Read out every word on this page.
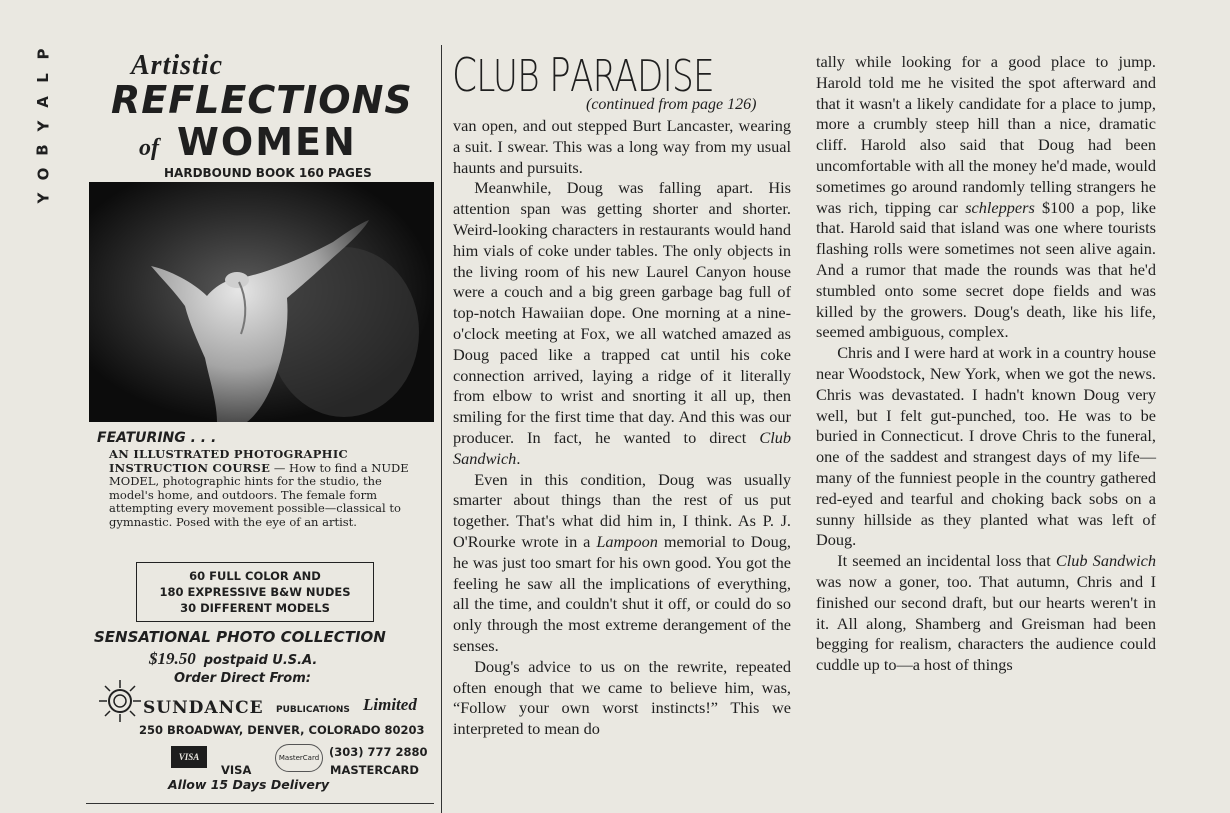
P
L
A
Y
B
O
Y
Artistic
REFLECTIONS
of WOMEN
HARDBOUND BOOK 160 PAGES
FEATURING . . .
AN ILLUSTRATED PHOTOGRAPHIC INSTRUCTION COURSE — How to find a NUDE MODEL, photographic hints for the studio, the model's home, and outdoors. The female form attempting every movement possible—classical to gymnastic. Posed with the eye of an artist.
60 FULL COLOR AND
180 EXPRESSIVE B&W NUDES
30 DIFFERENT MODELS
SENSATIONAL PHOTO COLLECTION
$19.50 postpaid U.S.A.
Order Direct From:
SUNDANCE PUBLICATIONS Limited
250 BROADWAY, DENVER, COLORADO 80203
VISA
VISA
MasterCard (303) 777 2880
MASTERCARD
Allow 15 Days Delivery
CLUB PARADISE
(continued from page 126)

van open, and out stepped Burt Lancaster, wearing a suit. I swear. This was a long way from my usual haunts and pursuits.

Meanwhile, Doug was falling apart. His attention span was getting shorter and shorter. Weird-looking characters in restaurants would hand him vials of coke under tables. The only objects in the living room of his new Laurel Canyon house were a couch and a big green garbage bag full of top-notch Hawaiian dope. One morning at a nine-o'clock meeting at Fox, we all watched amazed as Doug paced like a trapped cat until his coke connection arrived, laying a ridge of it literally from elbow to wrist and snorting it all up, then smiling for the first time that day. And this was our producer. In fact, he wanted to direct Club Sandwich.

Even in this condition, Doug was usually smarter about things than the rest of us put together. That's what did him in, I think. As P. J. O'Rourke wrote in a Lampoon memorial to Doug, he was just too smart for his own good. You got the feeling he saw all the implications of everything, all the time, and couldn't shut it off, or could do so only through the most extreme derangement of the senses.

Doug's advice to us on the rewrite, repeated often enough that we came to believe him, was, “Follow your own worst instincts!” This we interpreted to mean do

tally while looking for a good place to jump. Harold told me he visited the spot afterward and that it wasn't a likely candidate for a place to jump, more a crumbly steep hill than a nice, dramatic cliff. Harold also said that Doug had been uncomfortable with all the money he'd made, would sometimes go around randomly telling strangers he was rich, tipping car schleppers $100 a pop, like that. Harold said that island was one where tourists flashing rolls were sometimes not seen alive again. And a rumor that made the rounds was that he'd stumbled onto some secret dope fields and was killed by the growers. Doug's death, like his life, seemed ambiguous, complex.

Chris and I were hard at work in a country house near Woodstock, New York, when we got the news. Chris was devastated. I hadn't known Doug very well, but I felt gut-punched, too. He was to be buried in Connecticut. I drove Chris to the funeral, one of the saddest and strangest days of my life—many of the funniest people in the country gathered red-eyed and tearful and choking back sobs on a sunny hillside as they planted what was left of Doug.

It seemed an incidental loss that Club Sandwich was now a goner, too. That autumn, Chris and I finished our second draft, but our hearts weren't in it. All along, Shamberg and Greisman had been begging for realism, characters the audience could cuddle up to—a host of things
